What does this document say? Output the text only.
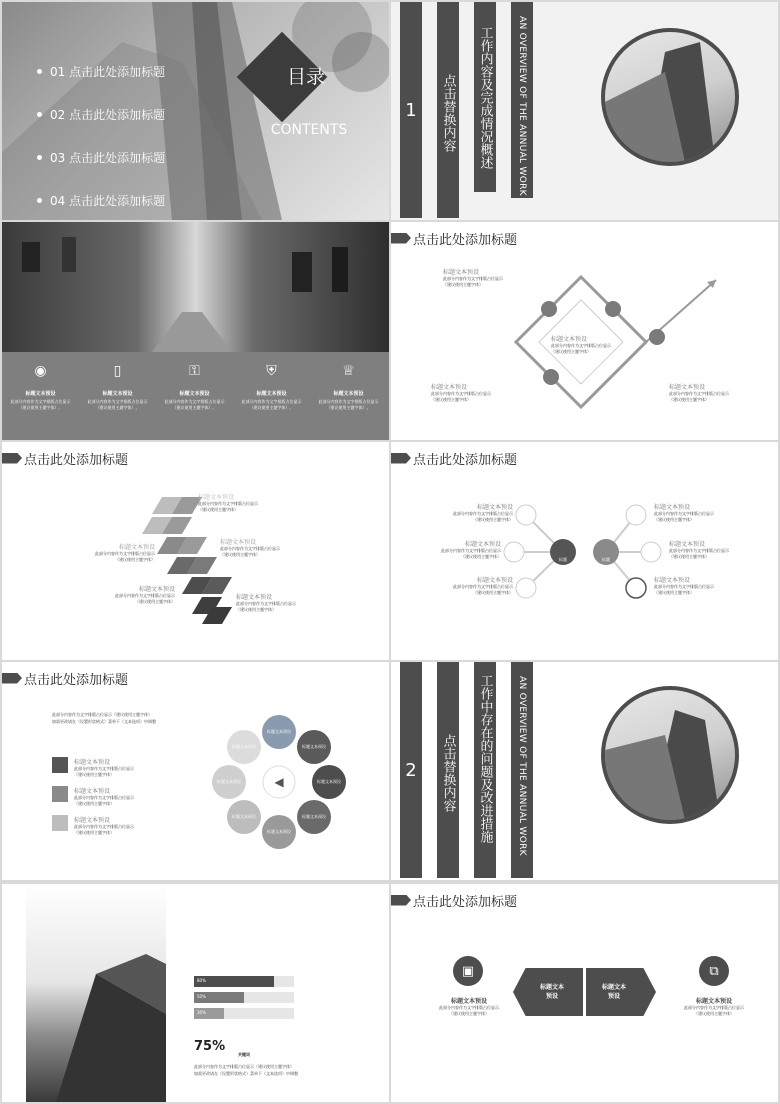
01 点击此处添加标题
02 点击此处添加标题
03 点击此处添加标题
04 点击此处添加标题
目录
CONTENTS
1	点击替换内容 工作内容及完成情况概述	AN OVERVIEW OF THE ANNUAL WORK
◉
标题文本预设
此部分内容作为文字排版占位显示
（建议使用主题字体）。
▯
标题文本预设
此部分内容作为文字排版占位显示
（建议使用主题字体）。
⚿
标题文本预设
此部分内容作为文字排版占位显示
（建议使用主题字体）。
⛨
标题文本预设
此部分内容作为文字排版占位显示
（建议使用主题字体）。
♕
标题文本预设
此部分内容作为文字排版占位显示
（建议使用主题字体）。
点击此处添加标题
标题文本预设
此部分内容作为文字排版占位显示
（建议使用主题字体）
标题文本预设
此部分内容作为文字排版占位显示
（建议使用主题字体）
标题文本预设
此部分内容作为文字排版占位显示
（建议使用主题字体）
标题文本预设
此部分内容作为文字排版占位显示
（建议使用主题字体）
点击此处添加标题
标题文本预设
此部分内容作为文字排版占位显示
（建议使用主题字体）
标题文本预设
此部分内容作为文字排版占位显示
（建议使用主题字体）
标题文本预设
此部分内容作为文字排版占位显示
（建议使用主题字体）
标题文本预设
此部分内容作为文字排版占位显示
（建议使用主题字体）
标题文本预设
此部分内容作为文字排版占位显示
（建议使用主题字体）
点击此处添加标题
标题	标题
标题文本预设
此部分内容作为文字排版占位显示
（建议使用主题字体）
标题文本预设
此部分内容作为文字排版占位显示
（建议使用主题字体）
标题文本预设
此部分内容作为文字排版占位显示
（建议使用主题字体）
标题文本预设
此部分内容作为文字排版占位显示
（建议使用主题字体）
标题文本预设
此部分内容作为文字排版占位显示
（建议使用主题字体）
标题文本预设
此部分内容作为文字排版占位显示
（建议使用主题字体）
点击此处添加标题
此部分内容作为文字排版占位显示（建议使用主题字体）
如需更改请在（设置形状格式）菜单下（文本选项）中调整
标题文本预设
此部分内容作为文字排版占位显示
（建议使用主题字体）
标题文本预设
此部分内容作为文字排版占位显示
（建议使用主题字体）
标题文本预设
此部分内容作为文字排版占位显示
（建议使用主题字体）
标题文本预设
标题文本预设
标题文本预设
标题文本预设
标题文本预设
标题文本预设
标题文本预设
标题文本预设
◀
2	点击替换内容 工作中存在的问题及改进措施	AN OVERVIEW OF THE ANNUAL WORK
80%
50%
30%
75%
关键词
此部分内容作为文字排版占位显示（建议使用主题字体）
如需更改请在（设置形状格式）菜单下（文本选项）中调整
点击此处添加标题
▣	⧉
标题文本
预设
标题文本
预设
标题文本预设
此部分内容作为文字排版占位显示
（建议使用主题字体）
标题文本预设
此部分内容作为文字排版占位显示
（建议使用主题字体）
